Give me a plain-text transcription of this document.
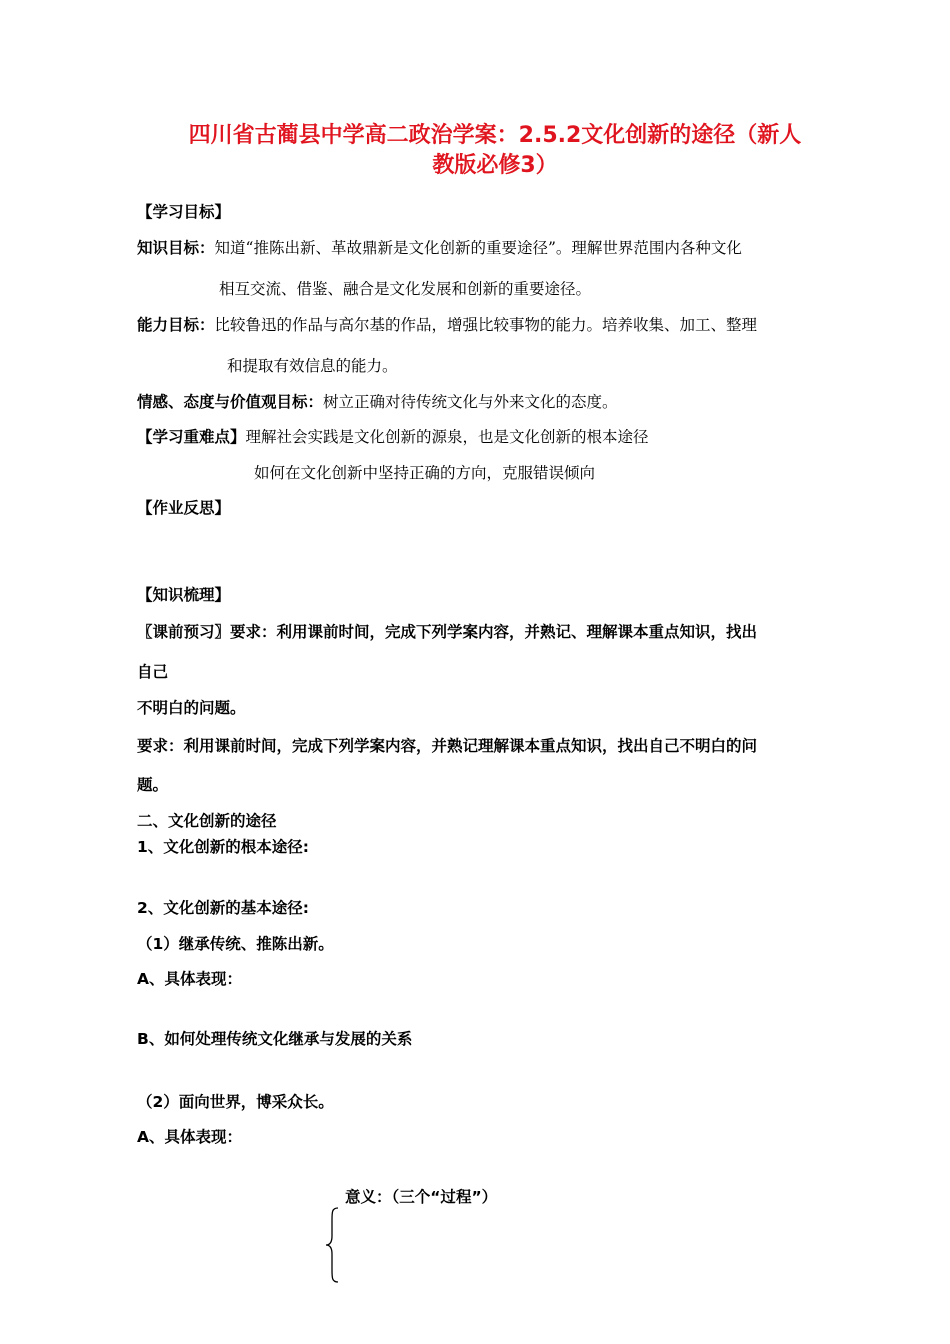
四川省古蔺县中学高二政治学案：2.5.2文化创新的途径（新人
教版必修3）
【学习目标】
知识目标：知道“推陈出新、革故鼎新是文化创新的重要途径”。理解世界范围内各种文化
相互交流、借鉴、融合是文化发展和创新的重要途径。
能力目标：比较鲁迅的作品与高尔基的作品，增强比较事物的能力。培养收集、加工、整理
和提取有效信息的能力。
情感、态度与价值观目标：树立正确对待传统文化与外来文化的态度。
【学习重难点】理解社会实践是文化创新的源泉，也是文化创新的根本途径
如何在文化创新中坚持正确的方向，克服错误倾向
【作业反思】
【知识梳理】
〖课前预习〗要求：利用课前时间，完成下列学案内容，并熟记、理解课本重点知识，找出
自己
不明白的问题。
要求：利用课前时间，完成下列学案内容，并熟记理解课本重点知识，找出自己不明白的问
题。
二、文化创新的途径
1、文化创新的根本途径:
2、文化创新的基本途径:
（1）继承传统、推陈出新。
A、具体表现：
B、如何处理传统文化继承与发展的关系
（2）面向世界，博采众长。
A、具体表现：
意义：（三个“过程”）
